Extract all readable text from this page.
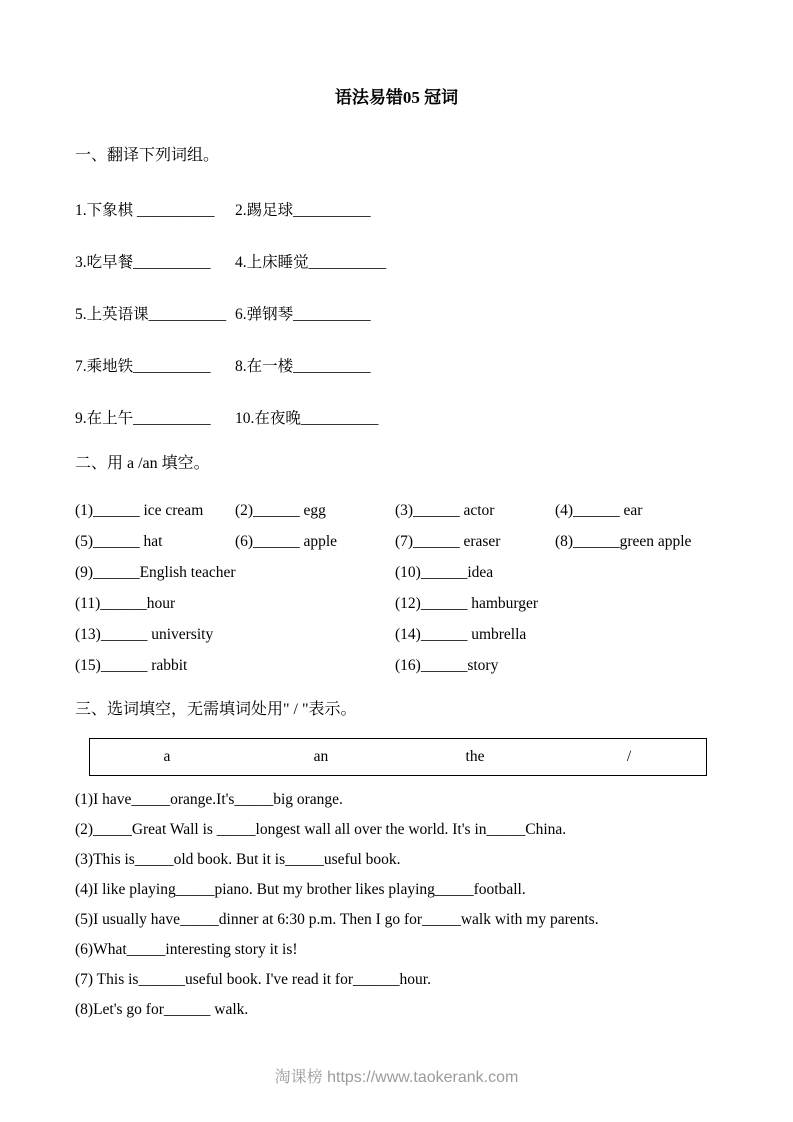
语法易错05 冠词
一、翻译下列词组。
1.下象棋 __________ 2.踢足球__________
3.吃早餐__________ 4.上床睡觉__________
5.上英语课__________ 6.弹钢琴__________
7.乘地铁__________ 8.在一楼__________
9.在上午__________ 10.在夜晚__________
二、用 a /an 填空。
(1)______ ice cream (2)______ egg	(3)______ actor	(4)______ ear
(5)______ hat	(6)______ apple	(7)______ eraser	(8)______green apple
(9)______English teacher	(10)______idea
(11)______hour	(12)______ hamburger
(13)______ university	(14)______ umbrella
(15)______ rabbit	(16)______story
三、选词填空，无需填词处用" / "表示。
a	an	the	/

(1)I have_____orange.It's_____big orange.

(2)_____Great Wall is _____longest wall all over the world. It's in_____China.

(3)This is_____old book. But it is_____useful book.

(4)I like playing_____piano. But my brother likes playing_____football.

(5)I usually have_____dinner at 6:30 p.m. Then I go for_____walk with my parents.

(6)What_____interesting story it is!

(7) This is______useful book. I've read it for______hour.

(8)Let's go for______ walk.

淘课榜 https://www.taokerank.com
